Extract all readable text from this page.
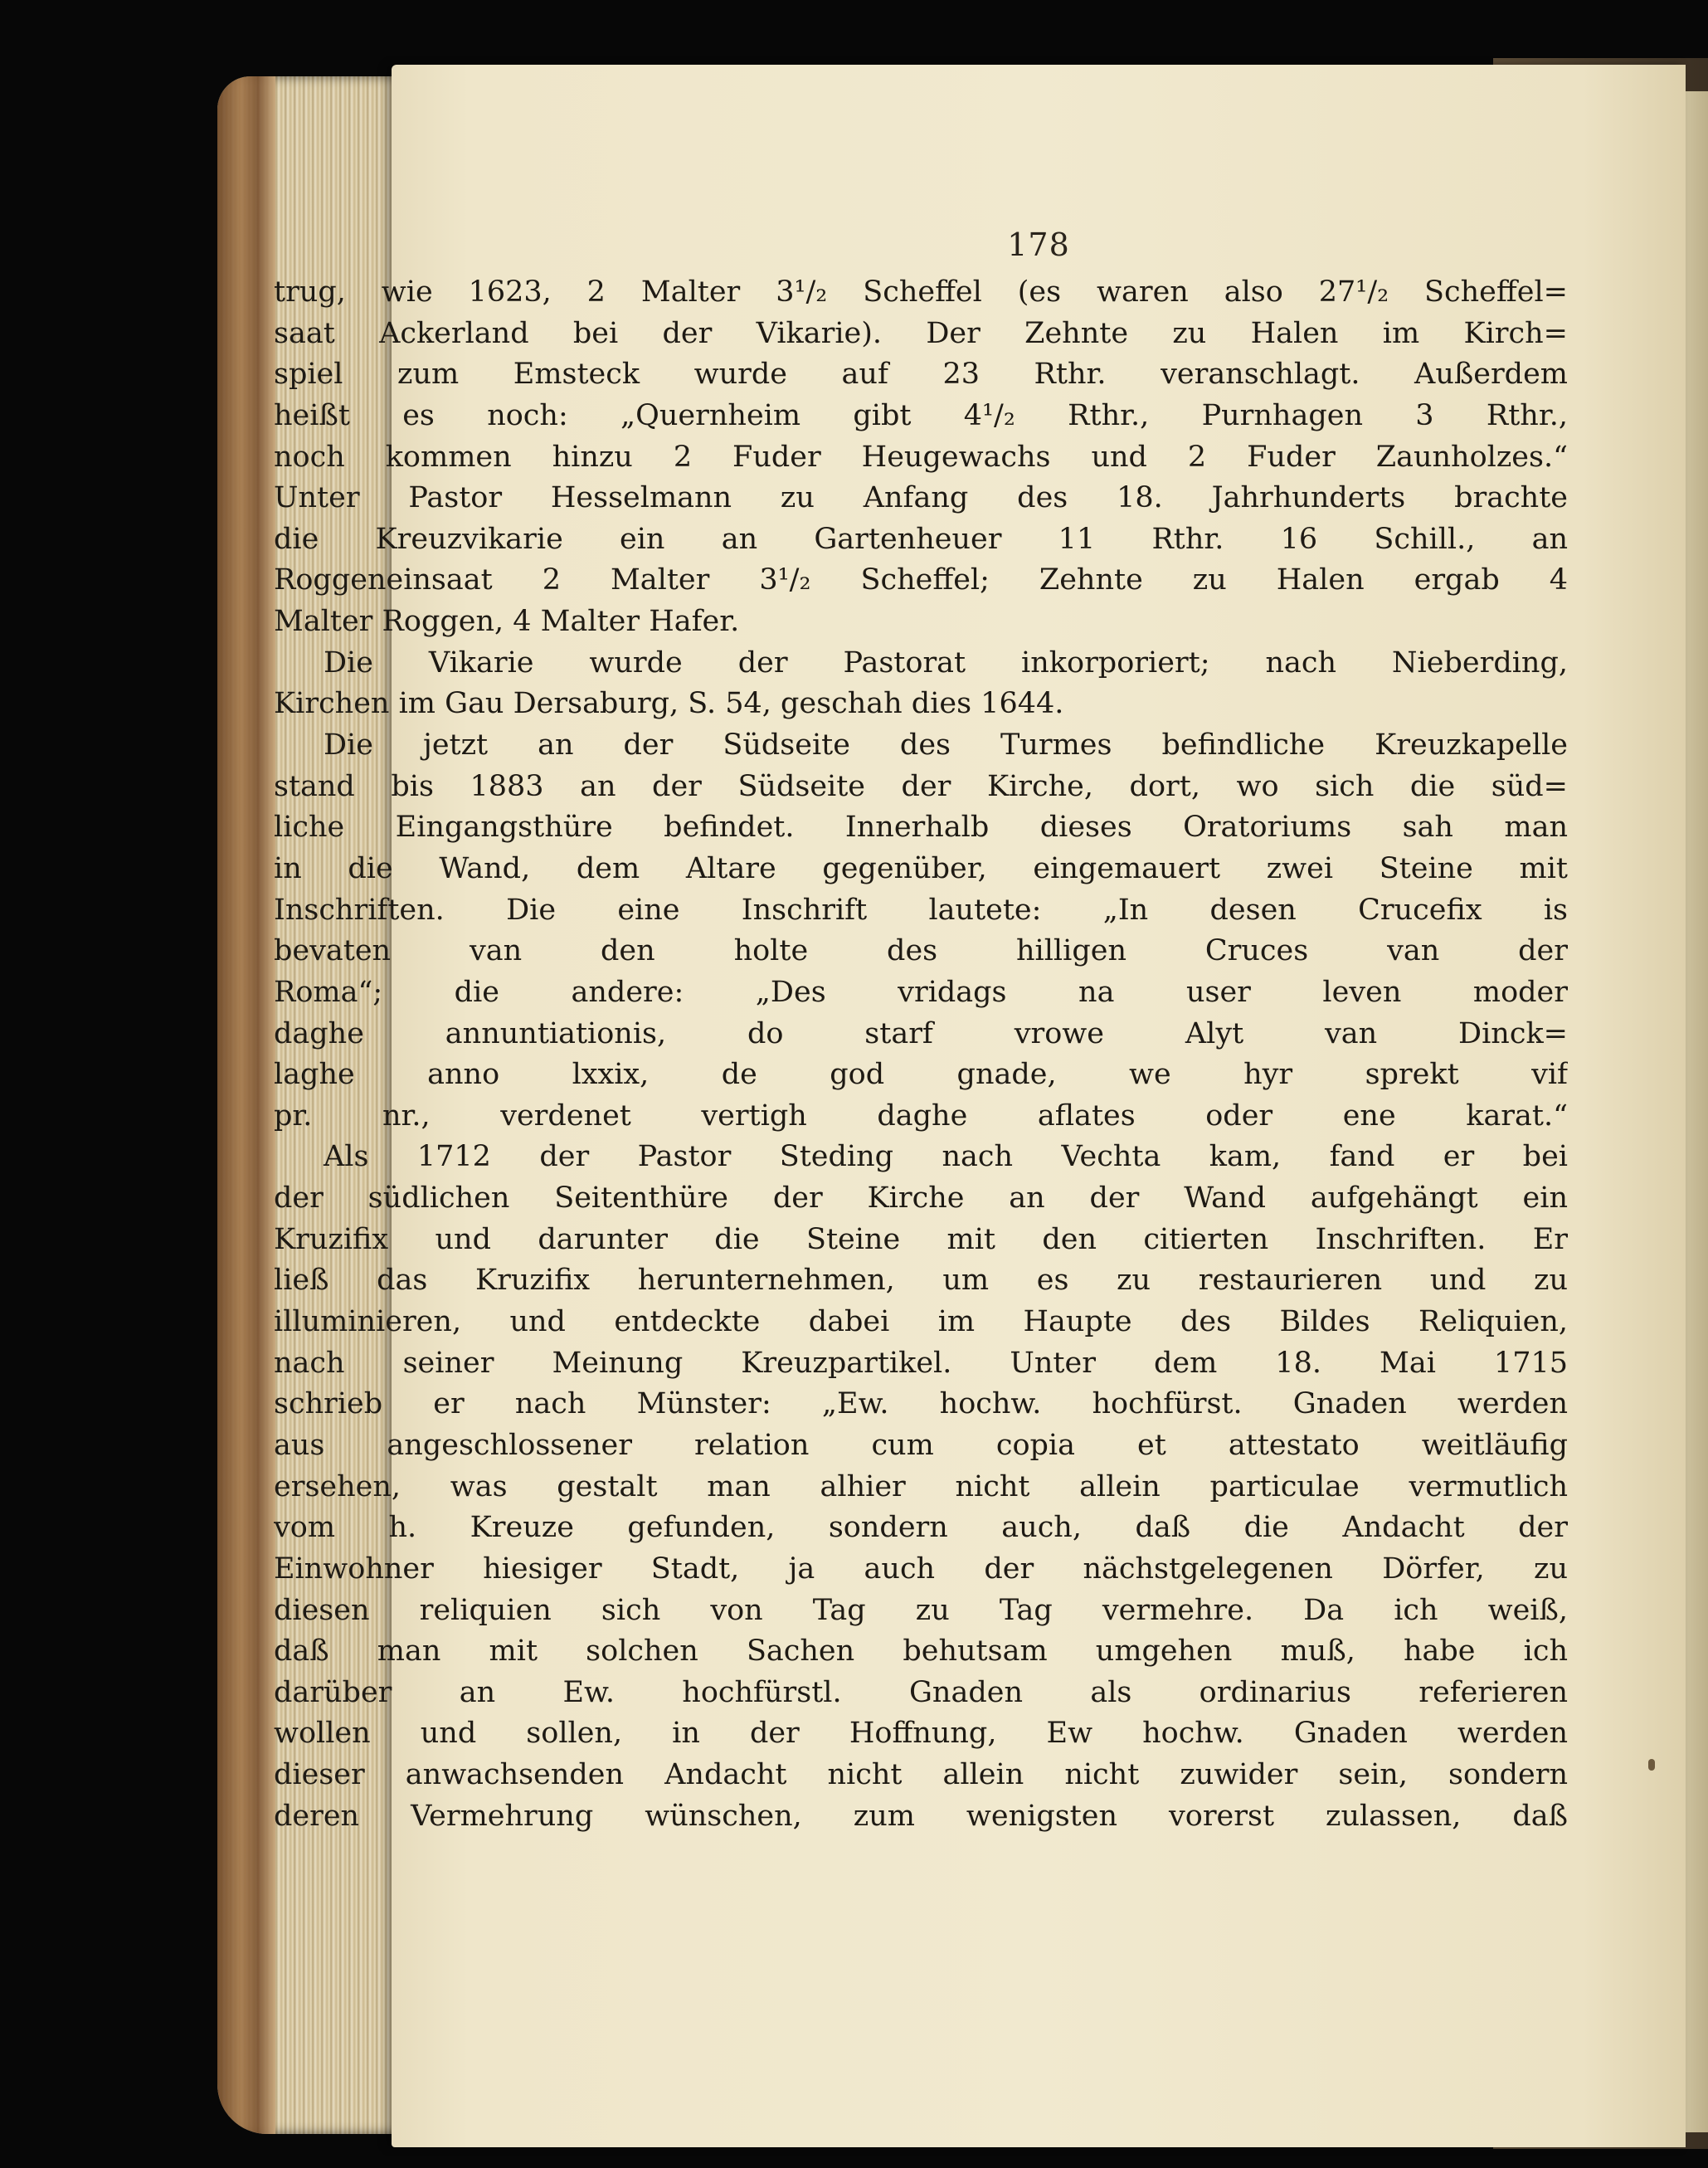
178
trug, wie 1623, 2 Malter 3¹/₂ Scheffel (es waren also 27¹/₂ Scheffel=
saat Ackerland bei der Vikarie). Der Zehnte zu Halen im Kirch=
spiel zum Emsteck wurde auf 23 Rthr. veranschlagt. Außerdem
heißt es noch: „Quernheim gibt 4¹/₂ Rthr., Purnhagen 3 Rthr.,
noch kommen hinzu 2 Fuder Heugewachs und 2 Fuder Zaunholzes.“
Unter Pastor Hesselmann zu Anfang des 18. Jahrhunderts brachte
die Kreuzvikarie ein an Gartenheuer 11 Rthr. 16 Schill., an
Roggeneinsaat 2 Malter 3¹/₂ Scheffel; Zehnte zu Halen ergab 4
Malter Roggen, 4 Malter Hafer.
Die Vikarie wurde der Pastorat inkorporiert; nach Nieberding,
Kirchen im Gau Dersaburg, S. 54, geschah dies 1644.
Die jetzt an der Südseite des Turmes befindliche Kreuzkapelle
stand bis 1883 an der Südseite der Kirche, dort, wo sich die süd=
liche Eingangsthüre befindet. Innerhalb dieses Oratoriums sah man
in die Wand, dem Altare gegenüber, eingemauert zwei Steine mit
Inschriften. Die eine Inschrift lautete: „In desen Crucefix is
bevaten van den holte des hilligen Cruces van der
Roma“; die andere: „Des vridags na user leven moder
daghe annuntiationis, do starf vrowe Alyt van Dinck=
laghe anno lxxix, de god gnade, we hyr sprekt vif
pr. nr., verdenet vertigh daghe aflates oder ene karat.“
Als 1712 der Pastor Steding nach Vechta kam, fand er bei
der südlichen Seitenthüre der Kirche an der Wand aufgehängt ein
Kruzifix und darunter die Steine mit den citierten Inschriften. Er
ließ das Kruzifix herunternehmen, um es zu restaurieren und zu
illuminieren, und entdeckte dabei im Haupte des Bildes Reliquien,
nach seiner Meinung Kreuzpartikel. Unter dem 18. Mai 1715
schrieb er nach Münster: „Ew. hochw. hochfürst. Gnaden werden
aus angeschlossener relation cum copia et attestato weitläufig
ersehen, was gestalt man alhier nicht allein particulae vermutlich
vom h. Kreuze gefunden, sondern auch, daß die Andacht der
Einwohner hiesiger Stadt, ja auch der nächstgelegenen Dörfer, zu
diesen reliquien sich von Tag zu Tag vermehre. Da ich weiß,
daß man mit solchen Sachen behutsam umgehen muß, habe ich
darüber an Ew. hochfürstl. Gnaden als ordinarius referieren
wollen und sollen, in der Hoffnung, Ew hochw. Gnaden werden
dieser anwachsenden Andacht nicht allein nicht zuwider sein, sondern
deren Vermehrung wünschen, zum wenigsten vorerst zulassen, daß
